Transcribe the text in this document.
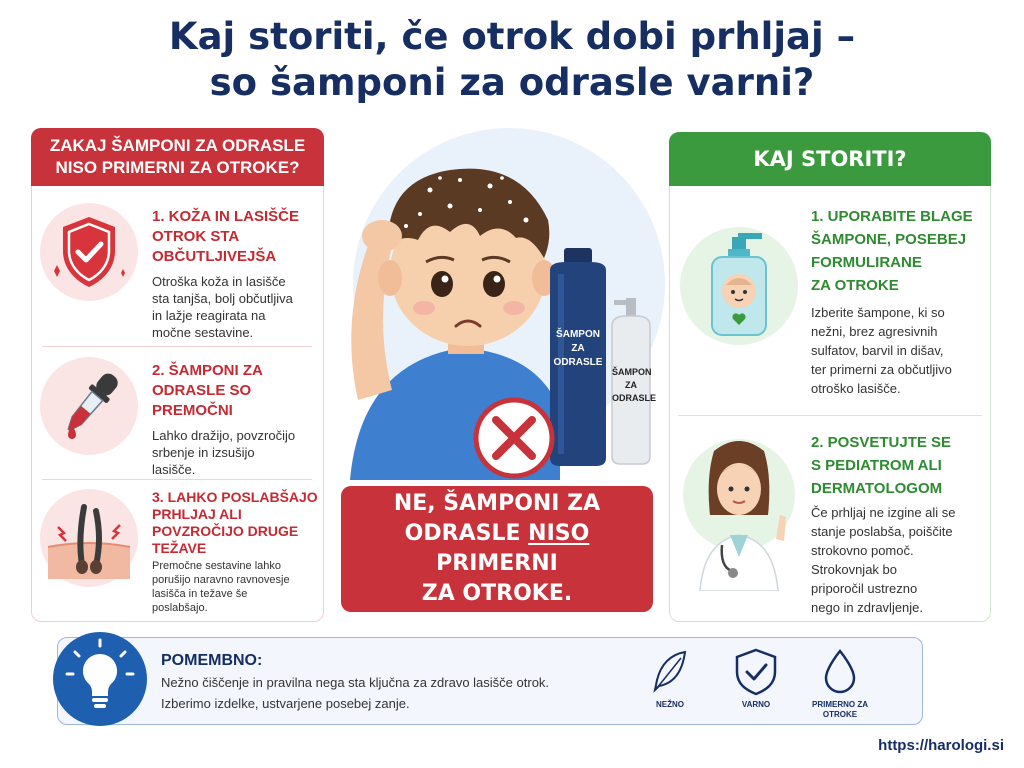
Kaj storiti, če otrok dobi prhljaj –
so šamponi za odrasle varni?
ZAKAJ ŠAMPONI ZA ODRASLE
NISO PRIMERNI ZA OTROKE?
1. KOŽA IN LASIŠČE
OTROK STA
OBČUTLJIVEJŠA
Otroška koža in lasišče
sta tanjša, bolj občutljiva
in lažje reagirata na
močne sestavine.
2. ŠAMPONI ZA
ODRASLE SO
PREMOČNI
Lahko dražijo, povzročijo
srbenje in izsušijo
lasišče.
3. LAHKO POSLABŠAJO
PRHLJAJ ALI
POVZROČIJO DRUGE
TEŽAVE
Premočne sestavine lahko
porušijo naravno ravnovesje
lasišča in težave še
poslabšajo.
ŠAMPON
ZA
ODRASLE
ŠAMPON
ZA
ODRASLE
NE, ŠAMPONI ZA
ODRASLE NISO PRIMERNI
ZA OTROKE.
KAJ STORITI?
1. UPORABITE BLAGE
ŠAMPONE, POSEBEJ
FORMULIRANE
ZA OTROKE
Izberite šampone, ki so
nežni, brez agresivnih
sulfatov, barvil in dišav,
ter primerni za občutljivo
otroško lasišče.
2. POSVETUJTE SE
S PEDIATROM ALI
DERMATOLOGOM
Če prhljaj ne izgine ali se
stanje poslabša, poiščite
strokovno pomoč.
Strokovnjak bo
priporočil ustrezno
nego in zdravljenje.
POMEMBNO:
Nežno čiščenje in pravilna nega sta ključna za zdravo lasišče otrok.
Izberimo izdelke, ustvarjene posebej zanje.	NEŽNO	VARNO	PRIMERNO ZA OTROKE
https://harologi.si
